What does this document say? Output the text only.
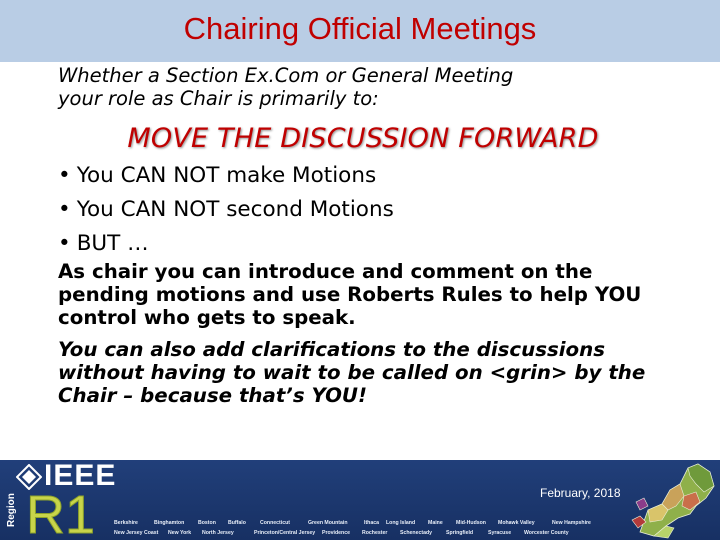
Chairing Official Meetings
Whether a Section Ex.Com or General Meeting
your role as Chair is primarily to:
MOVE THE DISCUSSION FORWARD
• You CAN NOT make Motions
• You CAN NOT second Motions
• BUT …
As chair you can introduce and comment on the
pending motions and use Roberts Rules to help YOU
control who gets to speak.
You can also add clarifications to the discussions
without having to wait to be called on <grin> by the
Chair – because that’s YOU!
Region
IEEE
R1	February, 2018
Berkshire	Binghamton	Boston	Buffalo	Connecticut	Green Mountain	Ithaca	Long Island	Maine	Mid-Hudson	Mohawk Valley	New Hampshire
New Jersey Coast	New York	North Jersey	Princeton/Central Jersey	Providence	Rochester	Schenectady	Springfield	Syracuse	Worcester County
